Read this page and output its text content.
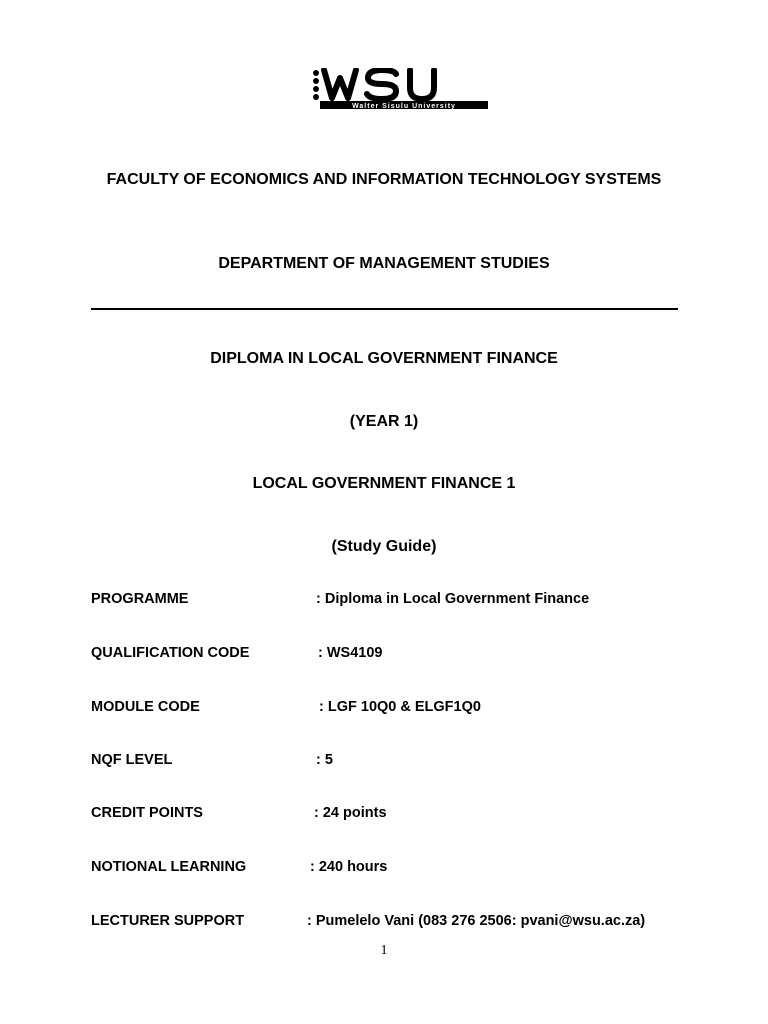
Walter Sisulu University
FACULTY OF ECONOMICS AND INFORMATION TECHNOLOGY SYSTEMS
DEPARTMENT OF MANAGEMENT STUDIES
DIPLOMA IN LOCAL GOVERNMENT FINANCE
(YEAR 1)
LOCAL GOVERNMENT FINANCE 1
(Study Guide)
PROGRAMME	: Diploma in Local Government Finance
QUALIFICATION CODE	: WS4109
MODULE CODE	: LGF 10Q0 & ELGF1Q0
NQF LEVEL	: 5
CREDIT POINTS	: 24 points
NOTIONAL LEARNING	: 240 hours
LECTURER SUPPORT	: Pumelelo Vani (083 276 2506: pvani@wsu.ac.za)
1
